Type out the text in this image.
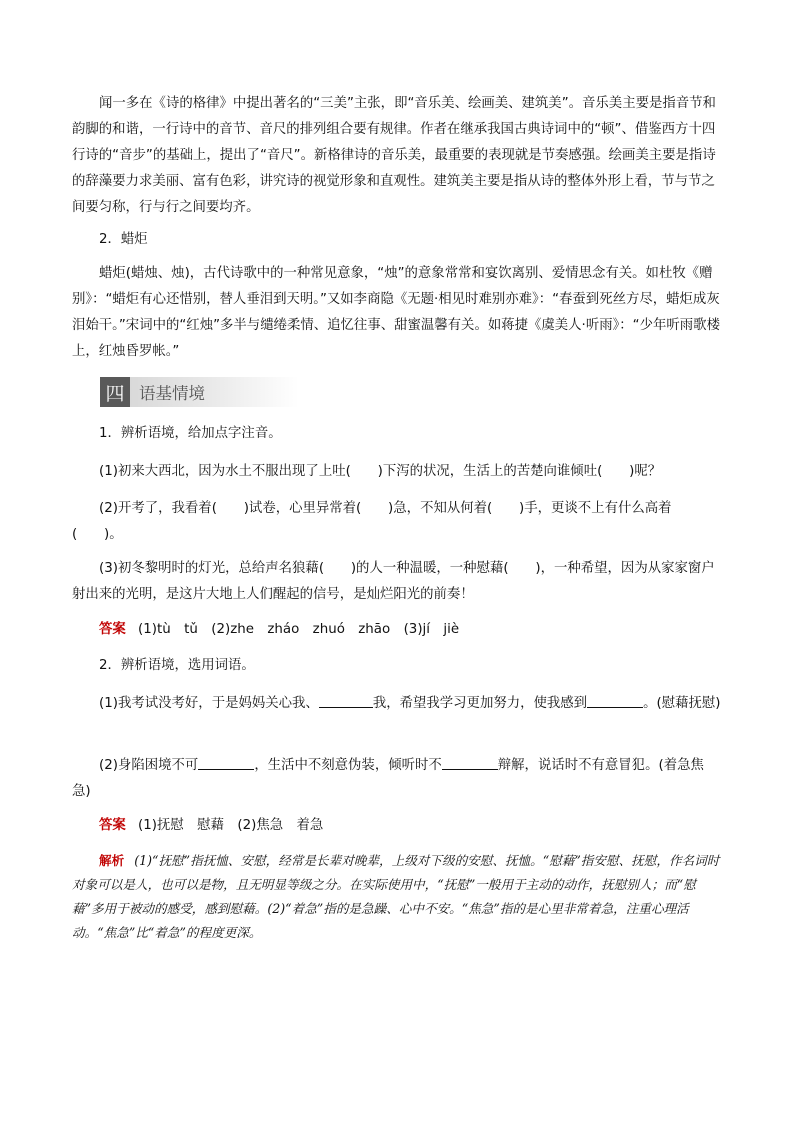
闻一多在《诗的格律》中提出著名的“三美”主张，即“音乐美、绘画美、建筑美”。音乐美主要是指音节和韵脚的和谐，一行诗中的音节、音尺的排列组合要有规律。作者在继承我国古典诗词中的“顿”、借鉴西方十四行诗的“音步”的基础上，提出了“音尺”。新格律诗的音乐美，最重要的表现就是节奏感强。绘画美主要是指诗的辞藻要力求美丽、富有色彩，讲究诗的视觉形象和直观性。建筑美主要是指从诗的整体外形上看，节与节之间要匀称，行与行之间要均齐。

2．蜡炬

蜡炬(蜡烛、烛)，古代诗歌中的一种常见意象，“烛”的意象常常和宴饮离别、爱情思念有关。如杜牧《赠别》：“蜡炬有心还惜别，替人垂泪到天明。”又如李商隐《无题·相见时难别亦难》：“春蚕到死丝方尽，蜡炬成灰泪始干。”宋词中的“红烛”多半与缱绻柔情、追忆往事、甜蜜温馨有关。如蒋捷《虞美人·听雨》：“少年听雨歌楼上，红烛昏罗帐。”

四 语基情境
1．辨析语境，给加点字注音。

(1)初来大西北，因为水土不服出现了上吐(　　)下泻的状况，生活上的苦楚向谁倾吐(　　)呢？

(2)开考了，我看着(　　)试卷，心里异常着(　　)急，不知从何着(　　)手，更谈不上有什么高着(　　)。

(3)初冬黎明时的灯光，总给声名狼藉(　　)的人一种温暖，一种慰藉(　　)，一种希望，因为从家家窗户射出来的光明，是这片大地上人们醒起的信号，是灿烂阳光的前奏！

答案 (1)tù　tǔ　(2)zhe　zháo　zhuó　zhāo　(3)jí　jiè
2．辨析语境，选用词语。

(1)我考试没考好，于是妈妈关心我、	我，希望我学习更加努力，使我感到	。(慰藉抚慰)

(2)身陷困境不可	，生活中不刻意伪装，倾听时不	辩解，说话时不有意冒犯。(着急焦急)

答案 (1)抚慰　慰藉　(2)焦急　着急

解析 (1)“抚慰”指抚恤、安慰，经常是长辈对晚辈，上级对下级的安慰、抚恤。“慰藉”指安慰、抚慰，作名词时对象可以是人，也可以是物，且无明显等级之分。在实际使用中，“抚慰”一般用于主动的动作，抚慰别人；而“慰藉”多用于被动的感受，感到慰藉。(2)“着急”指的是急躁、心中不安。“焦急”指的是心里非常着急，注重心理活动。“焦急”比“着急”的程度更深。
